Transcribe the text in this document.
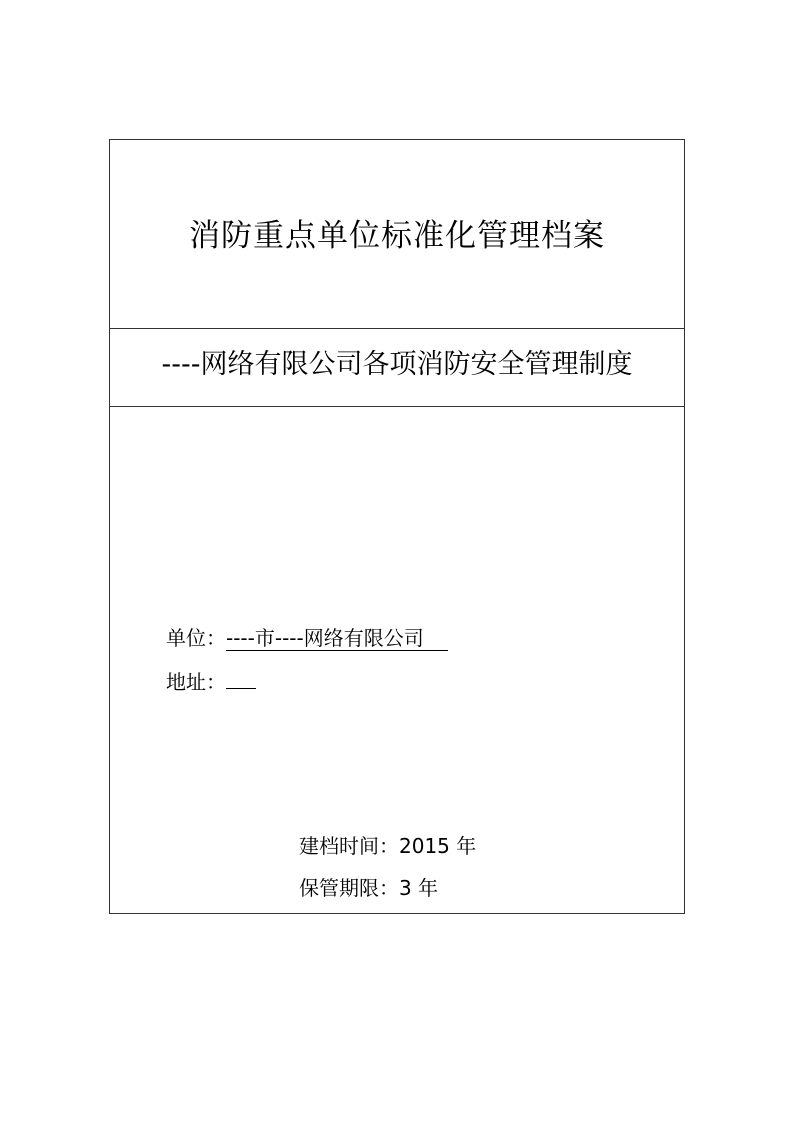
消防重点单位标准化管理档案
----网络有限公司各项消防安全管理制度
单位：----市----网络有限公司
地址：
建档时间：2015 年
保管期限：3 年
